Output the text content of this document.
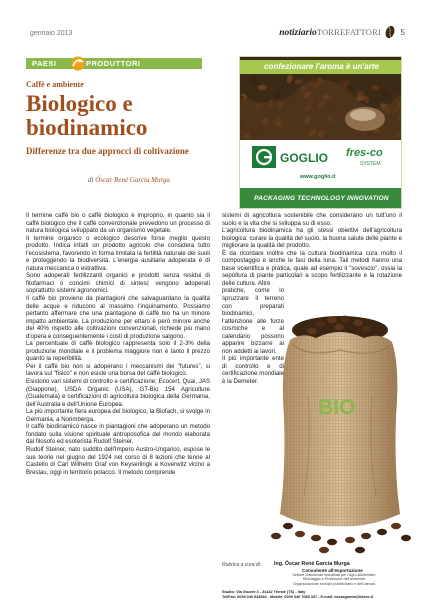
gennaio 2013	notiziarioTORREFATTORI 5
PAESI	PRODUTTORI
Caffè e ambiente
Biologico e biodinamico
Differenze tra due approcci di coltivazione
di Óscar René García Murga
confezionare l'aroma è un'arte
GOGLIO fres-co
SYSTEM
www.goglio.it
PACKAGING TECHNOLOGY INNOVATION

Il termine caffè bio o caffè biologico è improprio, in quanto sia il caffè biologico che il caffè convenzionale prevedono un processo di natura biologica sviluppato da un organismo vegetale.

Il termine organico o ecologico descrive forse meglio questo prodotto. Indica infatti un prodotto agricolo che considera tutto l'ecosistema, favorendo in forma limitata la fertilità naturale dei suoli e proteggendo la biodiversità. L'energia ausiliaria adoperata è di natura meccanica o estrattiva.

Sono adoperati fertilizzanti organici e prodotti senza residui di fitofarmaci o concimi chimici di sintesi; vengono adoperati soprattutto sistemi agronomici.

Il caffè bio proviene da piantagioni che salvaguardano la qualità delle acque e riducono al massimo l'inquinamento. Possiamo pertanto affermare che una piantagione di caffè bio ha un minore impatto ambientale. La produzione per ettaro è però minore anche del 40% rispetto alle coltivazioni convenzionali, richiede più mano d'opera e conseguentemente i costi di produzione salgono.

La percentuale di caffè biologico rappresenta solo il 2-3% della produzione mondiale e il problema maggiore non è tanto il prezzo quanto la reperibilità.

Per il caffè bio non si adoperano i meccanismi dei "futures", si lavora sul "fisico" e non esiste una borsa del caffè biologico.

Esistono vari sistemi di controllo e certificazione: Ecocert, Quai, JAS (Giappone), USDA Organic (USA), GT-Bio 154 Agriculture (Guatemala) e certificazioni di agricoltura biologica della Germania, dell'Australia e dell'Unione Europea.

La più importante fiera europea del biologico, la Biofach, si svolge in Germania, a Norimberga.

Il caffè biodinamico nasce in piantagioni che adoperano un metodo fondato sulla visione spirituale antroposofica del mondo elaborata dal filosofo ed esoterista Rudolf Steiner.

Rudolf Steiner, nato suddito dell'Impero Austro-Ungarico, espose le sue teorie nel giugno del 1924 nel corso di 8 lezioni che tenne al Castello di Carl Wilhelm Graf von Keyserlingk a Koverwitz vicino a Breslau, oggi in territorio polacco. Il metodo comprende

sistemi di agricoltura sostenibile che considerano un tutt'uno il suolo e la vita che si sviluppa su di esso.

L'agricoltura biodinamica ha gli stessi obiettivi dell'agricoltura biologica: curare la qualità del suolo, la buona salute delle piante e migliorare la qualità del prodotto.

È da ricordare inoltre che la cultura biodinamica cura molto il compostaggio e anche le fasi della luna. Tali metodi hanno una base scientifica e pratica, quale ad esempio il "sovescio", ossia la sepoltura di piante particolari a scopo fertilizzante e la rotazione delle culture. Altre

pratiche, come lo spruzzare il terreno con preparati biodinamici, l'attenzione alle forze cosmiche e al calendario possono apparire bizzarre ai non addetti ai lavori.

Il più importante ente di controllo e di certificazione mondiale è la Demeter.

BIO
Rubrica a cura di: Ing. Óscar René García Murga
Consulente all'esportazione
Settore Macchinari Industriali per l'Agro-Alimentare
Riciclaggio e Protezione dell'ambiente
Organizzazione servizio pubblicitario e dell'utenza
Studio: Via Gozzer 4 - 34142 Trieste (TS) - Italy
Tel/Fax: 0039 040 943682 - Mobile: 0039 340 7085 337 - E-mail: oscargarcia@libero.it
